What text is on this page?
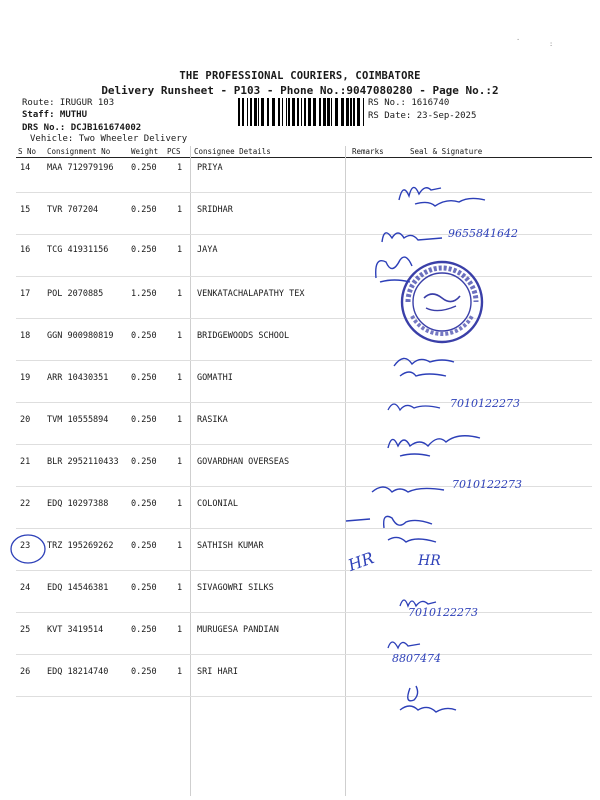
THE PROFESSIONAL COURIERS, COIMBATORE
Delivery Runsheet - P103 - Phone No.:9047080280 - Page No.:2
Route: IRUGUR 103
Staff: MUTHU
DRS No.: DCJB161674002
Vehicle: Two Wheeler Delivery
RS No.: 1616740
RS Date: 23-Sep-2025
S No Consignment No	Weight PCS Consignee Details	Remarks	Seal & Signature
14 MAA 712979196 0.250 1 PRIYA
15 TVR 707204	0.250 1 SRIDHAR
16 TCG 41931156	0.250 1 JAYA
17 POL 2070885	1.250 1 VENKATACHALAPATHY TEX
18 GGN 900980819 0.250 1 BRIDGEWOODS SCHOOL
19 ARR 10430351	0.250 1 GOMATHI
20 TVM 10555894	0.250 1 RASIKA
21 BLR 2952110433 0.250 1 GOVARDHAN OVERSEAS
22 EDQ 10297388	0.250 1 COLONIAL
23 TRZ 195269262 0.250 1 SATHISH KUMAR
24 EDQ 14546381	0.250 1 SIVAGOWRI SILKS
25 KVT 3419514	0.250 1 MURUGESA PANDIAN
26 EDQ 18214740	0.250 1 SRI HARI
9655841642
7010122273
7010122273
HR	HR
7010122273
8807474
·	:
